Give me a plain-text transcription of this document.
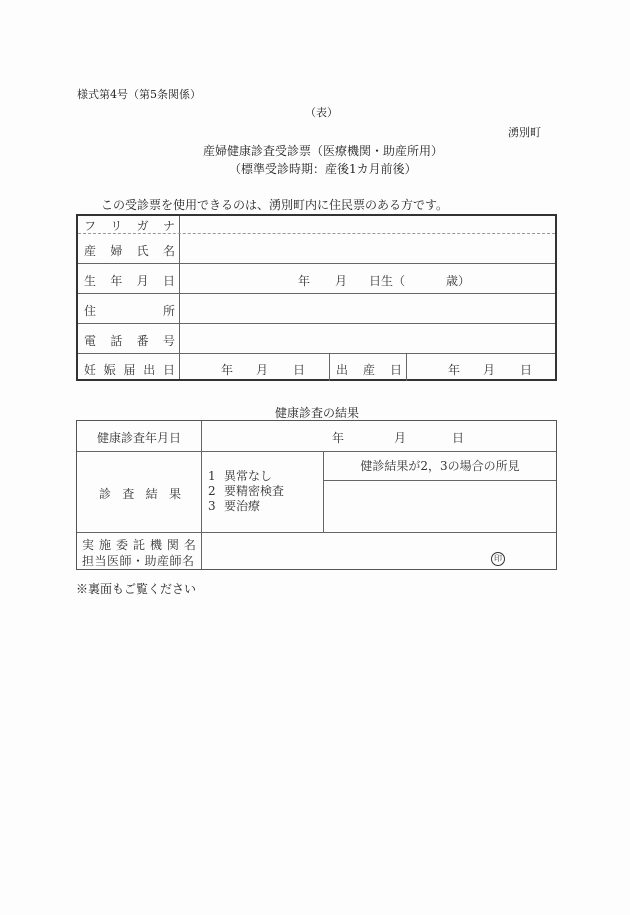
様式第4号（第5条関係）
（表）
湧別町
産婦健康診査受診票（医療機関・助産所用）
（標準受診時期：産後1カ月前後）
この受診票を使用できるのは、湧別町内に住民票のある方です。
フ リ ガ ナ
産 婦 氏 名
生 年 月 日	年 月 日生（	歳）
住	所
電 話 番 号
妊 娠 届 出 日	年 月 日	出 産 日	年 月 日
健康診査の結果
健康診査年月日	年	月	日
診 査 結 果
1 異常なし
2 要精密検査
3 要治療
健診結果が2，3の場合の所見
実 施 委 託 機 関 名
担当医師・助産師名	印
※裏面もご覧ください
